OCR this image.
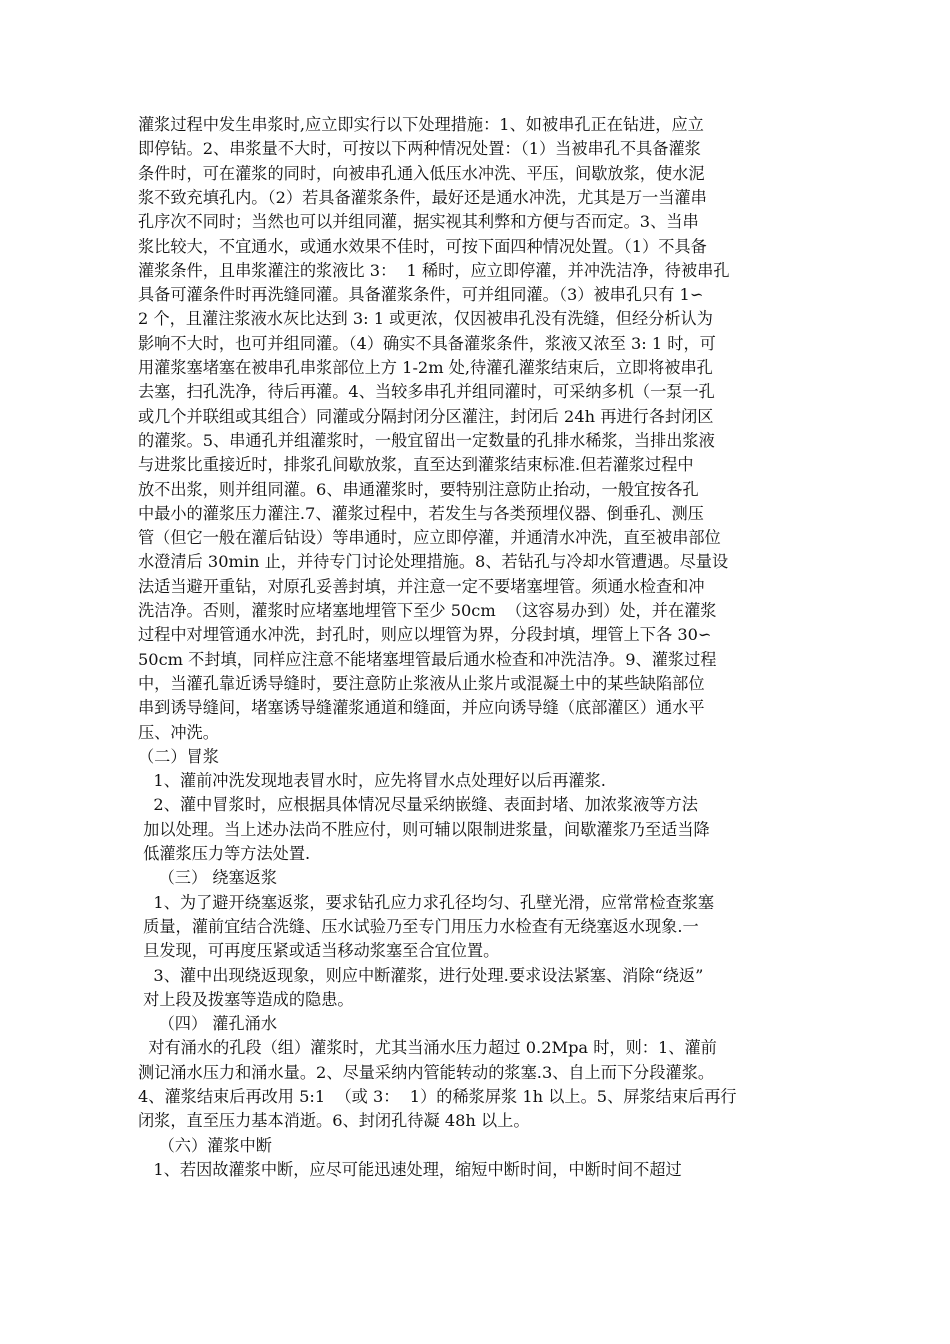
灌浆过程中发生串浆时,应立即实行以下处理措施：1、如被串孔正在钻进，应立
即停钻。2、串浆量不大时，可按以下两种情况处置：（1）当被串孔不具备灌浆
条件时，可在灌浆的同时，向被串孔通入低压水冲洗、平压，间歇放浆，使水泥
浆不致充填孔内。（2）若具备灌浆条件，最好还是通水冲洗，尤其是万一当灌串
孔序次不同时；当然也可以并组同灌，据实视其利弊和方便与否而定。3、当串
浆比较大，不宜通水，或通水效果不佳时，可按下面四种情况处置。（1）不具备
灌浆条件，且串浆灌注的浆液比 3：  1 稀时，应立即停灌，并冲洗洁净，待被串孔
具备可灌条件时再洗缝同灌。具备灌浆条件，可并组同灌。（3）被串孔只有 1∽
2 个，且灌注浆液水灰比达到 3: 1 或更浓，仅因被串孔没有洗缝，但经分析认为
影响不大时，也可并组同灌。（4）确实不具备灌浆条件，浆液又浓至 3: 1 时，可
用灌浆塞堵塞在被串孔串浆部位上方 1-2m 处,待灌孔灌浆结束后，立即将被串孔
去塞，扫孔洗净，待后再灌。4、当较多串孔并组同灌时，可采纳多机（一泵一孔
或几个并联组或其组合）同灌或分隔封闭分区灌注，封闭后 24h 再进行各封闭区
的灌浆。5、串通孔并组灌浆时，一般宜留出一定数量的孔排水稀浆，当排出浆液
与进浆比重接近时，排浆孔间歇放浆，直至达到灌浆结束标准.但若灌浆过程中
放不出浆，则并组同灌。6、串通灌浆时，要特别注意防止抬动，一般宜按各孔
中最小的灌浆压力灌注.7、灌浆过程中，若发生与各类预埋仪器、倒垂孔、测压
管（但它一般在灌后钻设）等串通时，应立即停灌，并通清水冲洗，直至被串部位
水澄清后 30min 止，并待专门讨论处理措施。8、若钻孔与冷却水管遭遇。尽量设
法适当避开重钻，对原孔妥善封填，并注意一定不要堵塞埋管。须通水检查和冲
洗洁净。否则，灌浆时应堵塞地埋管下至少 50cm  （这容易办到）处，并在灌浆
过程中对埋管通水冲洗，封孔时，则应以埋管为界，分段封填，埋管上下各 30∽
50cm 不封填，同样应注意不能堵塞埋管最后通水检查和冲洗洁净。9、灌浆过程
中，当灌孔靠近诱导缝时，要注意防止浆液从止浆片或混凝土中的某些缺陷部位
串到诱导缝间，堵塞诱导缝灌浆通道和缝面，并应向诱导缝（底部灌区）通水平
压、冲洗。
（二）冒浆
1、灌前冲洗发现地表冒水时，应先将冒水点处理好以后再灌浆.
2、灌中冒浆时，应根据具体情况尽量采纳嵌缝、表面封堵、加浓浆液等方法
加以处理。当上述办法尚不胜应付，则可辅以限制进浆量，间歇灌浆乃至适当降
低灌浆压力等方法处置.
（三） 绕塞返浆
1、为了避开绕塞返浆，要求钻孔应力求孔径均匀、孔壁光滑，应常常检查浆塞
质量，灌前宜结合洗缝、压水试验乃至专门用压力水检查有无绕塞返水现象.一
旦发现，可再度压紧或适当移动浆塞至合宜位置。
3、灌中出现绕返现象，则应中断灌浆，进行处理.要求设法紧塞、消除“绕返”
对上段及拨塞等造成的隐患。
（四） 灌孔涌水
对有涌水的孔段（组）灌浆时，尤其当涌水压力超过 0.2Mpa 时，则：1、灌前
测记涌水压力和涌水量。2、尽量采纳内管能转动的浆塞.3、自上而下分段灌浆。
4、灌浆结束后再改用 5:1  （或 3：  1）的稀浆屏浆 1h 以上。5、屏浆结束后再行
闭浆，直至压力基本消逝。6、封闭孔待凝 48h 以上。
（六）灌浆中断
1、若因故灌浆中断，应尽可能迅速处理，缩短中断时间，中断时间不超过
